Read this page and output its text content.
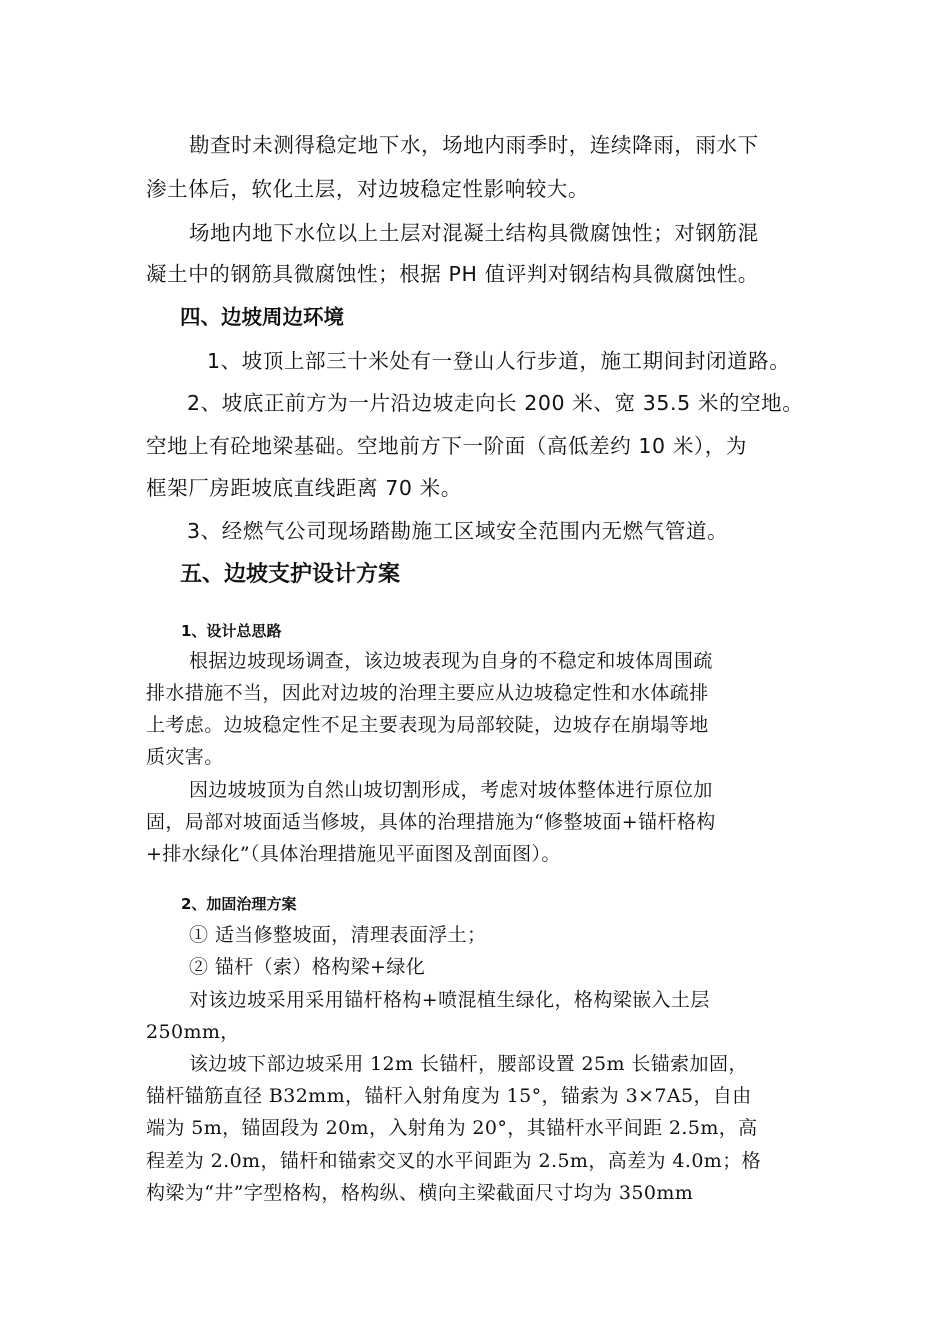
勘查时未测得稳定地下水，场地内雨季时，连续降雨，雨水下
渗土体后，软化土层，对边坡稳定性影响较大。
场地内地下水位以上土层对混凝土结构具微腐蚀性；对钢筋混
凝土中的钢筋具微腐蚀性；根据 PH 值评判对钢结构具微腐蚀性。
四、边坡周边环境
1、坡顶上部三十米处有一登山人行步道，施工期间封闭道路。
2、坡底正前方为一片沿边坡走向长 200 米、宽 35.5 米的空地。
空地上有砼地梁基础。空地前方下一阶面（高低差约 10 米），为
框架厂房距坡底直线距离 70 米。
3、经燃气公司现场踏勘施工区域安全范围内无燃气管道。
五、边坡支护设计方案
1、设计总思路
根据边坡现场调查，该边坡表现为自身的不稳定和坡体周围疏
排水措施不当，因此对边坡的治理主要应从边坡稳定性和水体疏排
上考虑。边坡稳定性不足主要表现为局部较陡，边坡存在崩塌等地
质灾害。
因边坡坡顶为自然山坡切割形成，考虑对坡体整体进行原位加
固，局部对坡面适当修坡，具体的治理措施为“修整坡面+锚杆格构
+排水绿化”（具体治理措施见平面图及剖面图）。
2、加固治理方案
① 适当修整坡面，清理表面浮土；
② 锚杆（索）格构梁+绿化
对该边坡采用采用锚杆格构+喷混植生绿化，格构梁嵌入土层
250mm，
该边坡下部边坡采用 12m 长锚杆，腰部设置 25m 长锚索加固，
锚杆锚筋直径 B32mm，锚杆入射角度为 15°，锚索为 3×7A5，自由
端为 5m，锚固段为 20m，入射角为 20°，其锚杆水平间距 2.5m，高
程差为 2.0m，锚杆和锚索交叉的水平间距为 2.5m，高差为 4.0m；格
构梁为“井”字型格构，格构纵、横向主梁截面尺寸均为 350mm
